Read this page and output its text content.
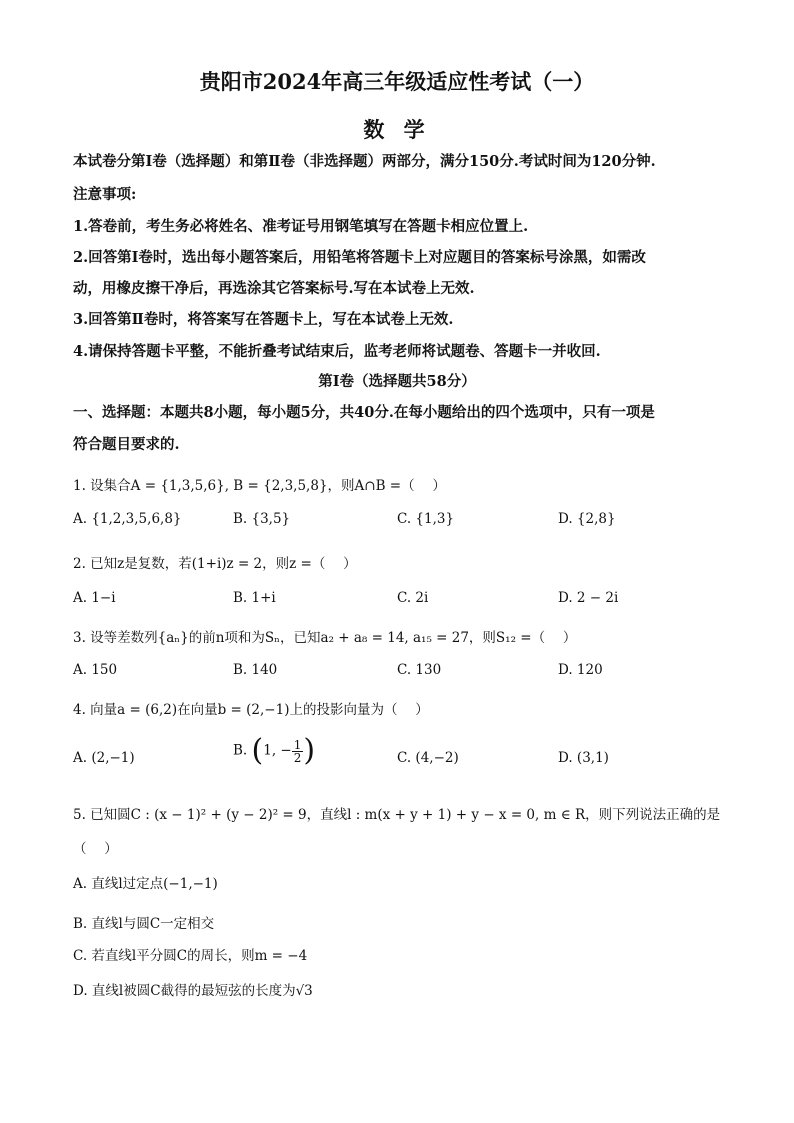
贵阳市2024年高三年级适应性考试（一）
数 学
本试卷分第Ⅰ卷（选择题）和第Ⅱ卷（非选择题）两部分，满分150分.考试时间为120分钟.
注意事项:
1.答卷前，考生务必将姓名、准考证号用钢笔填写在答题卡相应位置上.
2.回答第Ⅰ卷时，选出每小题答案后，用铅笔将答题卡上对应题目的答案标号涂黑，如需改
动，用橡皮擦干净后，再选涂其它答案标号.写在本试卷上无效.
3.回答第Ⅱ卷时，将答案写在答题卡上，写在本试卷上无效.
4.请保持答题卡平整，不能折叠考试结束后，监考老师将试题卷、答题卡一并收回.
第Ⅰ卷（选择题共58分）
一、选择题：本题共8小题，每小题5分，共40分.在每小题给出的四个选项中，只有一项是
符合题目要求的.
1. 设集合A = {1,3,5,6}, B = {2,3,5,8}，则A∩B =（　 ）
A. {1,2,3,5,6,8}	B. {3,5}	C. {1,3}	D. {2,8}
2. 已知z是复数，若(1+i)z = 2，则z =（　 ）
A. 1−i	B. 1+i	C. 2i	D. 2 − 2i
3. 设等差数列{aₙ}的前n项和为Sₙ，已知a₂ + a₈ = 14, a₁₅ = 27，则S₁₂ =（　 ）
A. 150	B. 140	C. 130	D. 120
4. 向量a = (6,2)在向量b = (2,−1)上的投影向量为（　 ）
A. (2,−1)	B. (1, − $\frac{1}{2}$ )	C. (4,−2)	D. (3,1)
5. 已知圆C : (x − 1)² + (y − 2)² = 9，直线l : m(x + y + 1) + y − x = 0, m ∈ R，则下列说法正确的是
（　 ）
A. 直线l过定点(−1,−1)
B. 直线l与圆C一定相交
C. 若直线l平分圆C的周长，则m = −4
D. 直线l被圆C截得的最短弦的长度为√3
